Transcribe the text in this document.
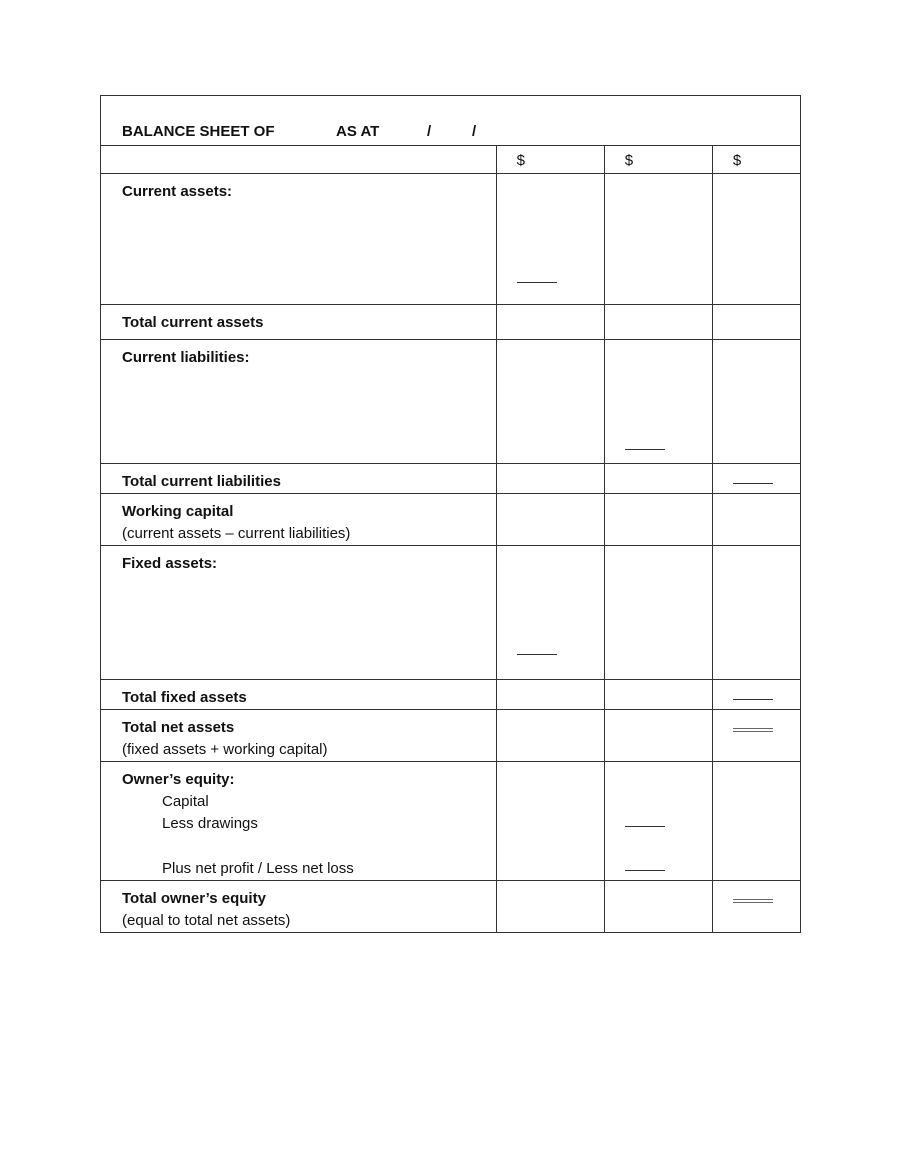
BALANCE SHEET OF AS AT / /			

	$	$	$

Current assets:	

Total current assets			
Current liabilities:		

Total current liabilities			

Working capital
(current assets – current liabilities)			

Fixed assets:	

Total fixed assets			

Total net assets
(fixed assets + working capital)			

Owner’s equity:
Capital
Less drawings
Plus net profit / Less net loss			

Total owner’s equity
(equal to total net assets)			
